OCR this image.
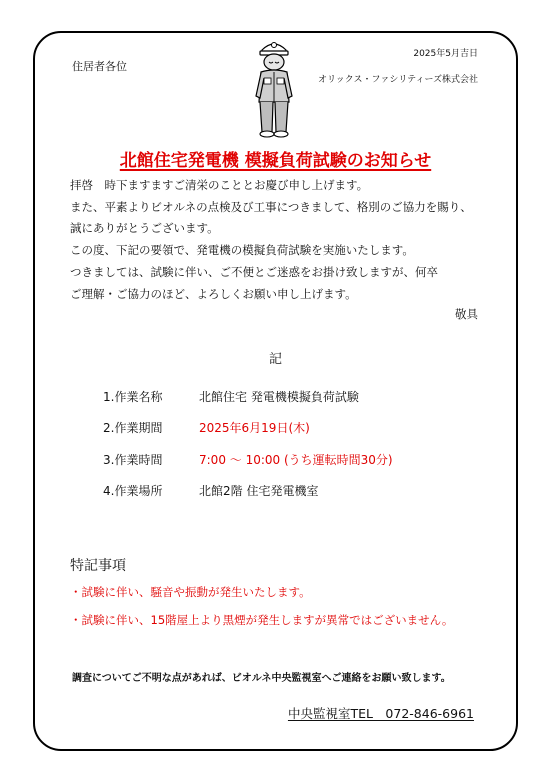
住居者各位
2025年5月吉日
オリックス・ファシリティーズ株式会社
北館住宅発電機 模擬負荷試験のお知らせ
拝啓　時下ますますご清栄のこととお慶び申し上げます。
また、平素よりビオルネの点検及び工事につきまして、格別のご協力を賜り、
誠にありがとうございます。
この度、下記の要領で、発電機の模擬負荷試験を実施いたします。
つきましては、試験に伴い、ご不便とご迷惑をお掛け致しますが、何卒
ご理解・ご協力のほど、よろしくお願い申し上げます。
敬具
記
1.作業名称	北館住宅 発電機模擬負荷試験
2.作業期間	2025年6月19日(木)
3.作業時間	7:00 ～ 10:00 (うち運転時間30分)
4.作業場所	北館2階 住宅発電機室
特記事項
・試験に伴い、騒音や振動が発生いたします。
・試験に伴い、15階屋上より黒煙が発生しますが異常ではございません。
調査についてご不明な点があれば、ビオルネ中央監視室へご連絡をお願い致します。
中央監視室TEL　072-846-6961
